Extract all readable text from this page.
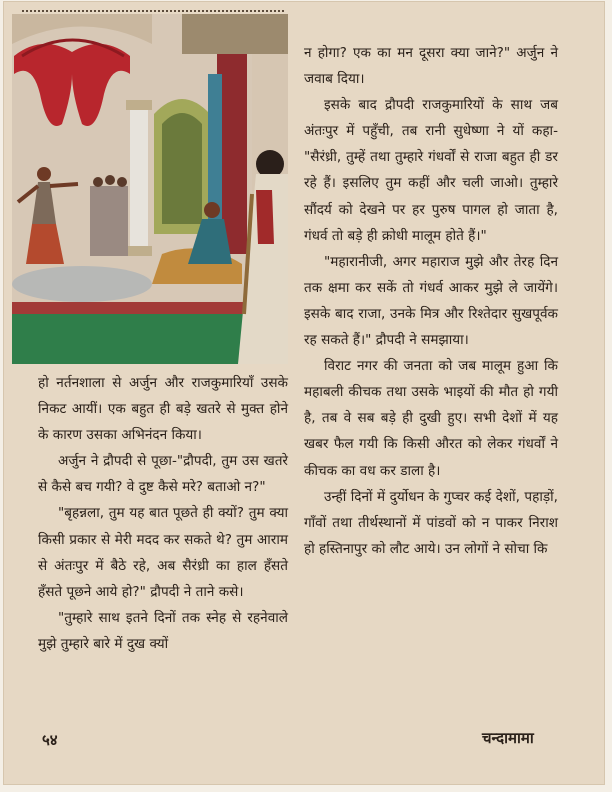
न होगा? एक का मन दूसरा क्या जाने?" अर्जुन ने जवाब दिया।

इसके बाद द्रौपदी राजकुमारियों के साथ जब अंतःपुर में पहुँची, तब रानी सुधेष्णा ने यों कहा-"सैरंध्री, तुम्हें तथा तुम्हारे गंधर्वों से राजा बहुत ही डर रहे हैं। इसलिए तुम कहीं और चली जाओ। तुम्हारे सौंदर्य को देखने पर हर पुरुष पागल हो जाता है, गंधर्व तो बड़े ही क्रोधी मालूम होते हैं।"

"महारानीजी, अगर महाराज मुझे और तेरह दिन तक क्षमा कर सकें तो गंधर्व आकर मुझे ले जायेंगे। इसके बाद राजा, उनके मित्र और रिश्तेदार सुखपूर्वक रह सकते हैं।" द्रौपदी ने समझाया।

विराट नगर की जनता को जब मालूम हुआ कि महाबली कीचक तथा उसके भाइयों की मौत हो गयी है, तब वे सब बड़े ही दुखी हुए। सभी देशों में यह खबर फैल गयी कि किसी औरत को लेकर गंधर्वों ने कीचक का वध कर डाला है।

उन्हीं दिनों में दुर्योधन के गुप्चर कई देशों, पहाड़ों, गाँवों तथा तीर्थस्थानों में पांडवों को न पाकर निराश हो हस्तिनापुर को लौट आये। उन लोगों ने सोचा कि

हो नर्तनशाला से अर्जुन और राजकुमारियाँ उसके निकट आयीं। एक बहुत ही बड़े खतरे से मुक्त होने के कारण उसका अभिनंदन किया।

अर्जुन ने द्रौपदी से पूछा-"द्रौपदी, तुम उस खतरे से कैसे बच गयी? वे दुष्ट कैसे मरे? बताओ न?"

"बृहन्नला, तुम यह बात पूछते ही क्यों? तुम क्या किसी प्रकार से मेरी मदद कर सकते थे? तुम आराम से अंतःपुर में बैठे रहे, अब सैरंध्री का हाल हँसते हँसते पूछने आये हो?" द्रौपदी ने ताने कसे।

"तुम्हारे साथ इतने दिनों तक स्नेह से रहनेवाले मुझे तुम्हारे बारे में दुख क्यों

५४	चन्दामामा
